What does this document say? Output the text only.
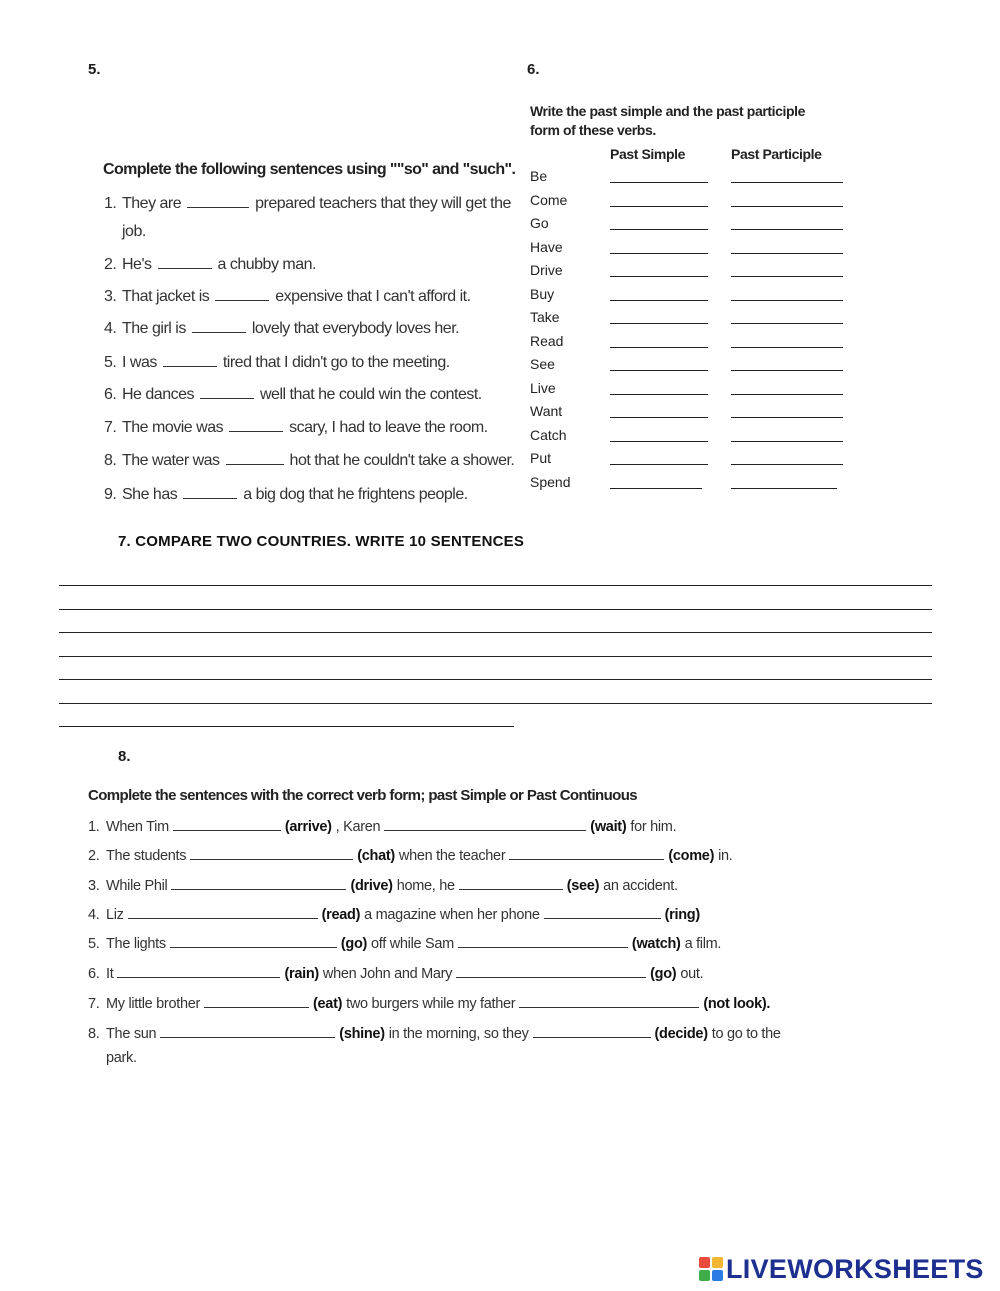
5.
Complete the following sentences using ""so" and "such".
1. They are	prepared teachers that they will get the
job.
2. He's	a chubby man.
3. That jacket is	expensive that I can't afford it.
4. The girl is	lovely that everybody loves her.
5. I was	tired that I didn't go to the meeting.
6. He dances	well that he could win the contest.
7. The movie was	scary, I had to leave the room.
8. The water was	hot that he couldn't take a shower.
9. She has	a big dog that he frightens people.
6.
Write the past simple and the past participle
form of these verbs.
Past Simple	Past Participle
Be
Come
Go
Have
Drive
Buy
Take
Read
See
Live
Want
Catch
Put
Spend
7. COMPARE TWO COUNTRIES. WRITE 10 SENTENCES
8.
Complete the sentences with the correct verb form; past Simple or Past Continuous
1. When Tim	(arrive) , Karen	(wait) for him.
2. The students	(chat) when the teacher	(come) in.
3. While Phil	(drive) home, he	(see) an accident.
4. Liz	(read) a magazine when her phone	(ring)
5. The lights	(go) off while Sam	(watch) a film.
6. It	(rain) when John and Mary	(go) out.
7. My little brother	(eat) two burgers while my father	(not look).
8. The sun	(shine) in the morning, so they	(decide) to go to the
park.
LIVEWORKSHEETS
